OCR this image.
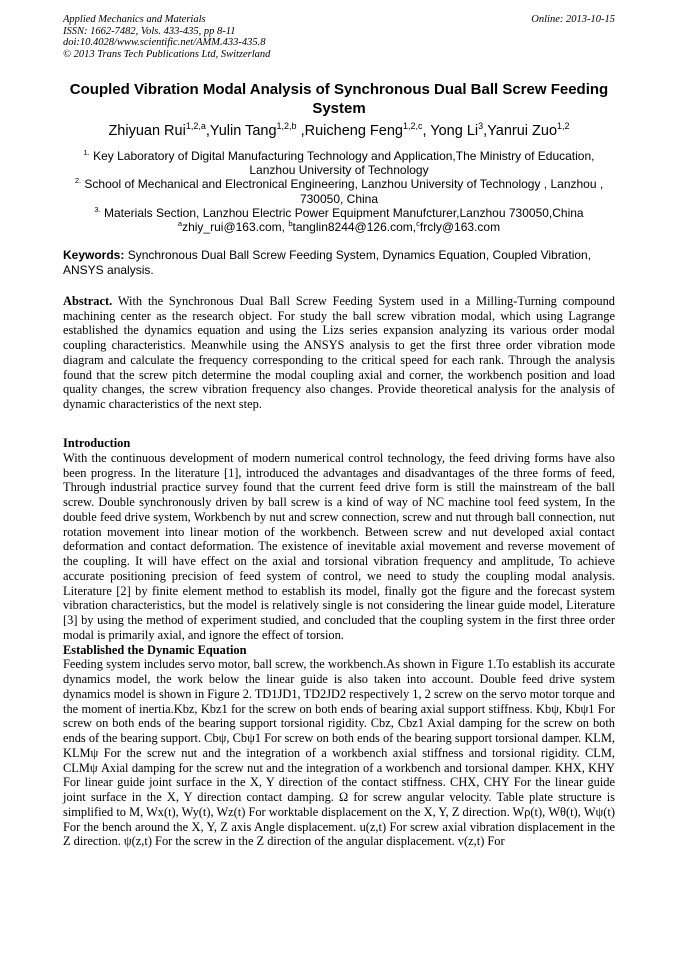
Applied Mechanics and Materials
ISSN: 1662-7482, Vols. 433-435, pp 8-11
doi:10.4028/www.scientific.net/AMM.433-435.8
© 2013 Trans Tech Publications Ltd, Switzerland
Online: 2013-10-15
Coupled Vibration Modal Analysis of Synchronous Dual Ball Screw Feeding System
Zhiyuan Rui$^{1,2,a}$,Yulin Tang$^{1,2,b}$ ,Ruicheng Feng$^{1,2,c}$, Yong Li$^3$,Yanrui Zuo$^{1,2}$
$^{1.}$ Key Laboratory of Digital Manufacturing Technology and Application,The Ministry of Education, Lanzhou University of Technology
$^{2.}$ School of Mechanical and Electronical Engineering, Lanzhou University of Technology , Lanzhou , 730050, China
$^{3.}$ Materials Section, Lanzhou Electric Power Equipment Manufcturer,Lanzhou 730050,China
$^a$zhiy_rui@163.com, $^b$tanglin8244@126.com,$^c$frcly@163.com
Keywords: Synchronous Dual Ball Screw Feeding System, Dynamics Equation, Coupled Vibration, ANSYS analysis.
Abstract. With the Synchronous Dual Ball Screw Feeding System used in a Milling-Turning compound machining center as the research object. For study the ball screw vibration modal, which using Lagrange established the dynamics equation and using the Lizs series expansion analyzing its various order modal coupling characteristics. Meanwhile using the ANSYS analysis to get the first three order vibration mode diagram and calculate the frequency corresponding to the critical speed for each rank. Through the analysis found that the screw pitch determine the modal coupling axial and corner, the workbench position and load quality changes, the screw vibration frequency also changes. Provide theoretical analysis for the analysis of dynamic characteristics of the next step.
Introduction

With the continuous development of modern numerical control technology, the feed driving forms have also been progress. In the literature [1], introduced the advantages and disadvantages of the three forms of feed, Through industrial practice survey found that the current feed drive form is still the mainstream of the ball screw. Double synchronously driven by ball screw is a kind of way of NC machine tool feed system, In the double feed drive system, Workbench by nut and screw connection, screw and nut through ball connection, nut rotation movement into linear motion of the workbench. Between screw and nut developed axial contact deformation and contact deformation. The existence of inevitable axial movement and reverse movement of the coupling. It will have effect on the axial and torsional vibration frequency and amplitude, To achieve accurate positioning precision of feed system of control, we need to study the coupling modal analysis. Literature [2] by finite element method to establish its model, finally got the figure and the forecast system vibration characteristics, but the model is relatively single is not considering the linear guide model, Literature [3] by using the method of experiment studied, and concluded that the coupling system in the first three order modal is primarily axial, and ignore the effect of torsion.

Established the Dynamic Equation

Feeding system includes servo motor, ball screw, the workbench.As shown in Figure 1.To establish its accurate dynamics model, the work below the linear guide is also taken into account. Double feed drive system dynamics model is shown in Figure 2. TD1JD1, TD2JD2 respectively 1, 2 screw on the servo motor torque and the moment of inertia.Kbz, Kbz1 for the screw on both ends of bearing axial support stiffness. Kbψ, Kbψ1 For screw on both ends of the bearing support torsional rigidity. Cbz, Cbz1 Axial damping for the screw on both ends of the bearing support. Cbψ, Cbψ1 For screw on both ends of the bearing support torsional damper. KLM, KLMψ For the screw nut and the integration of a workbench axial stiffness and torsional rigidity. CLM, CLMψ Axial damping for the screw nut and the integration of a workbench and torsional damper. KHX, KHY For linear guide joint surface in the X, Y direction of the contact stiffness. CHX, CHY For the linear guide joint surface in the X, Y direction contact damping. Ω for screw angular velocity. Table plate structure is simplified to M, Wx(t), Wy(t), Wz(t) For worktable displacement on the X, Y, Z direction. Wρ(t), Wθ(t), Wψ(t) For the bench around the X, Y, Z axis Angle displacement. u(z,t) For screw axial vibration displacement in the Z direction. ψ(z,t) For the screw in the Z direction of the angular displacement. v(z,t) For
